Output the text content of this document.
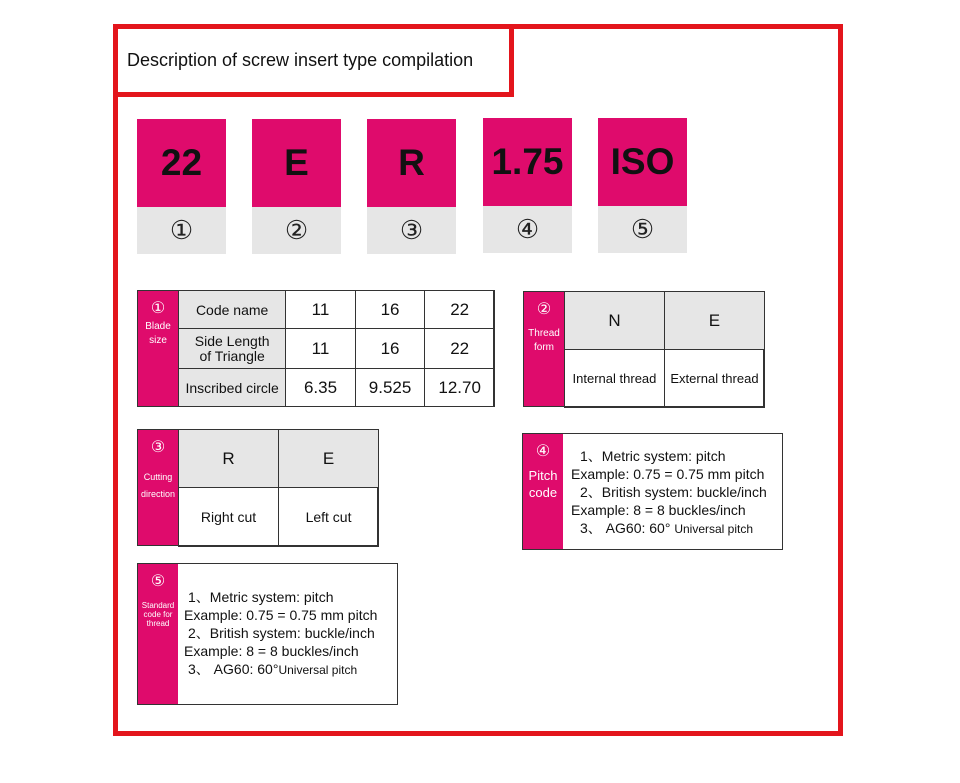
Description of screw insert type compilation
22
①
E
②
R
③
1.75
④
ISO
⑤
①
Blade
size
Code name	11	16	22

Side Length
of Triangle	11	16	22
Inscribed circle	6.35	9.525	12.70
②
Thread
form
N	E
Internal thread	External thread
③
Cutting
direction
R	E
Right cut	Left cut
④
Pitch
code
1、Metric system: pitch
Example: 0.75 = 0.75 mm pitch
2、British system: buckle/inch
Example: 8 = 8 buckles/inch
3、 AG60: 60° Universal pitch
⑤
Standard
code for
thread
1、Metric system: pitch
Example: 0.75 = 0.75 mm pitch
2、British system: buckle/inch
Example: 8 = 8 buckles/inch
3、 AG60: 60°Universal pitch
